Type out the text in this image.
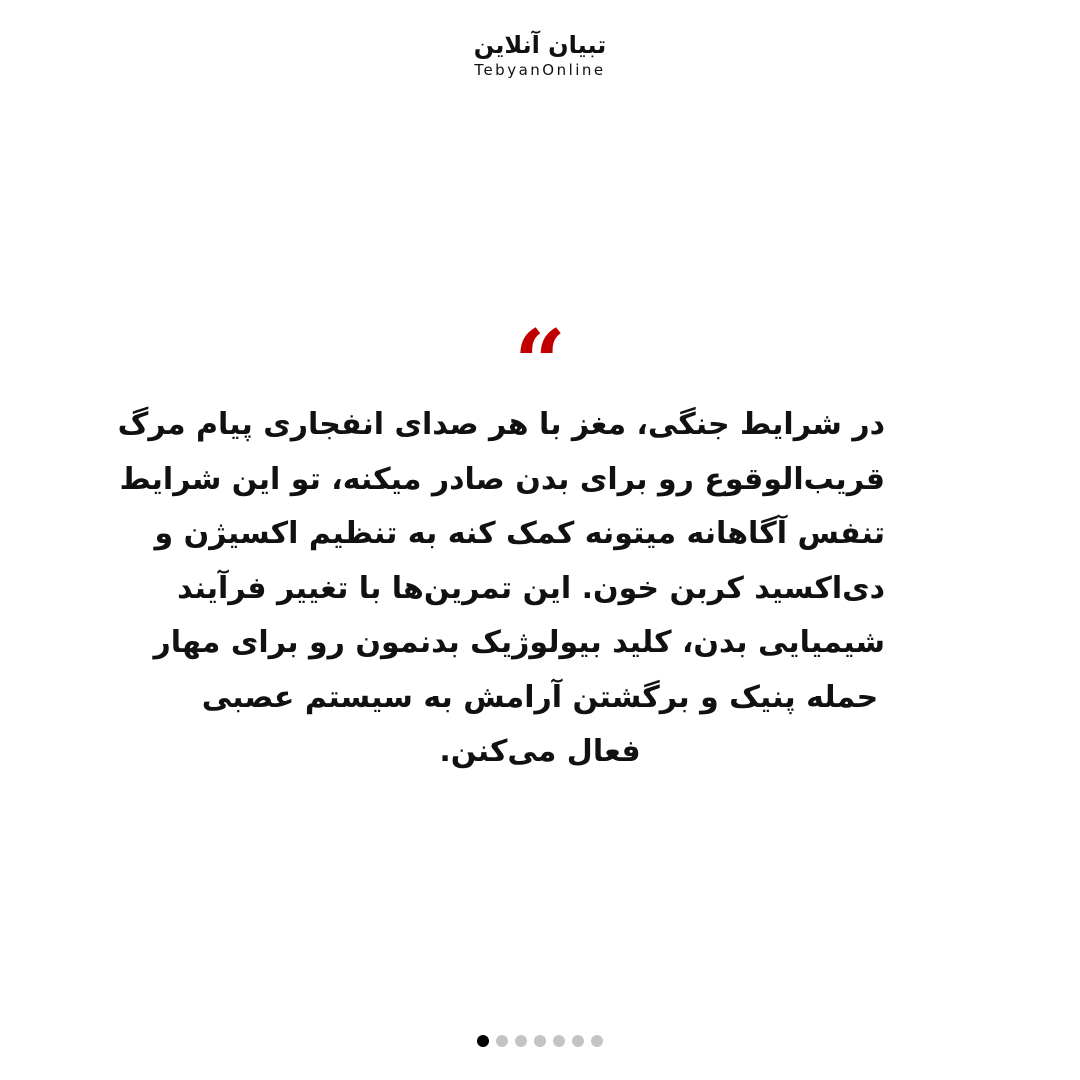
تبیان آنلاین
TebyanOnline
“
در شرایط جنگی، مغز با هر صدای انفجاری پیام مرگ
قریب‌الوقوع رو برای بدن صادر میکنه، تو این شرایط
تنفس آگاهانه میتونه کمک کنه به تنظیم اکسیژن و
دی‌اکسید کربن خون. این تمرین‌ها با تغییر فرآیند
شیمیایی بدن، کلید بیولوژیک بدنمون رو برای مهار
حمله پنیک و برگشتن آرامش به سیستم عصبی
فعال می‌کنن.
